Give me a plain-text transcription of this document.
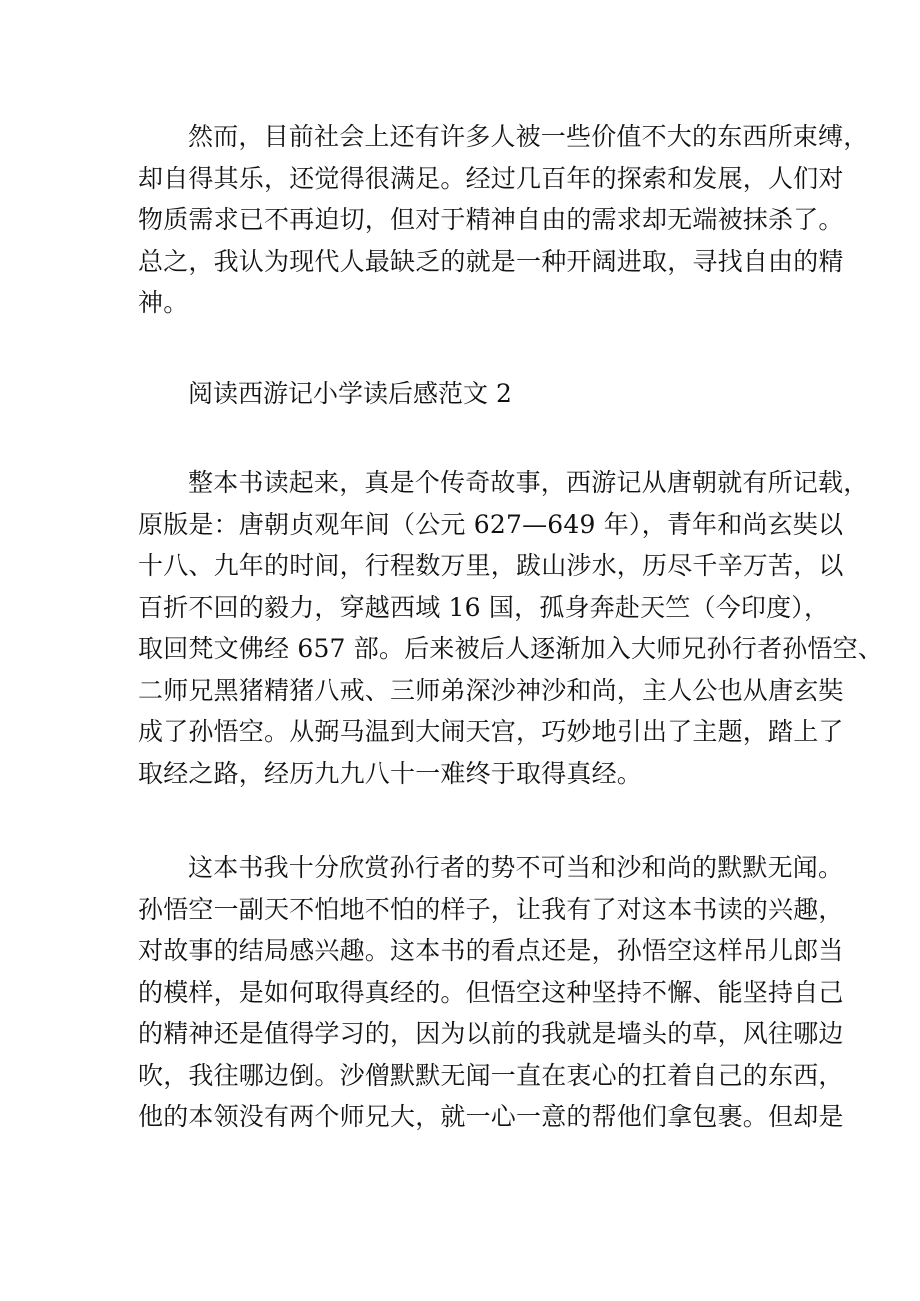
然而，目前社会上还有许多人被一些价值不大的东西所束缚，
却自得其乐，还觉得很满足。经过几百年的探索和发展，人们对
物质需求已不再迫切，但对于精神自由的需求却无端被抹杀了。
总之，我认为现代人最缺乏的就是一种开阔进取，寻找自由的精
神。
阅读西游记小学读后感范文 2
整本书读起来，真是个传奇故事，西游记从唐朝就有所记载，
原版是：唐朝贞观年间（公元 627—649 年），青年和尚玄奘以
十八、九年的时间，行程数万里，跋山涉水，历尽千辛万苦，以
百折不回的毅力，穿越西域 16 国，孤身奔赴天竺（今印度），
取回梵文佛经 657 部。后来被后人逐渐加入大师兄孙行者孙悟空、
二师兄黑猪精猪八戒、三师弟深沙神沙和尚，主人公也从唐玄奘
成了孙悟空。从弼马温到大闹天宫，巧妙地引出了主题，踏上了
取经之路，经历九九八十一难终于取得真经。
这本书我十分欣赏孙行者的势不可当和沙和尚的默默无闻。
孙悟空一副天不怕地不怕的样子，让我有了对这本书读的兴趣，
对故事的结局感兴趣。这本书的看点还是，孙悟空这样吊儿郎当
的模样，是如何取得真经的。但悟空这种坚持不懈、能坚持自己
的精神还是值得学习的，因为以前的我就是墙头的草，风往哪边
吹，我往哪边倒。沙僧默默无闻一直在衷心的扛着自己的东西，
他的本领没有两个师兄大，就一心一意的帮他们拿包裹。但却是
